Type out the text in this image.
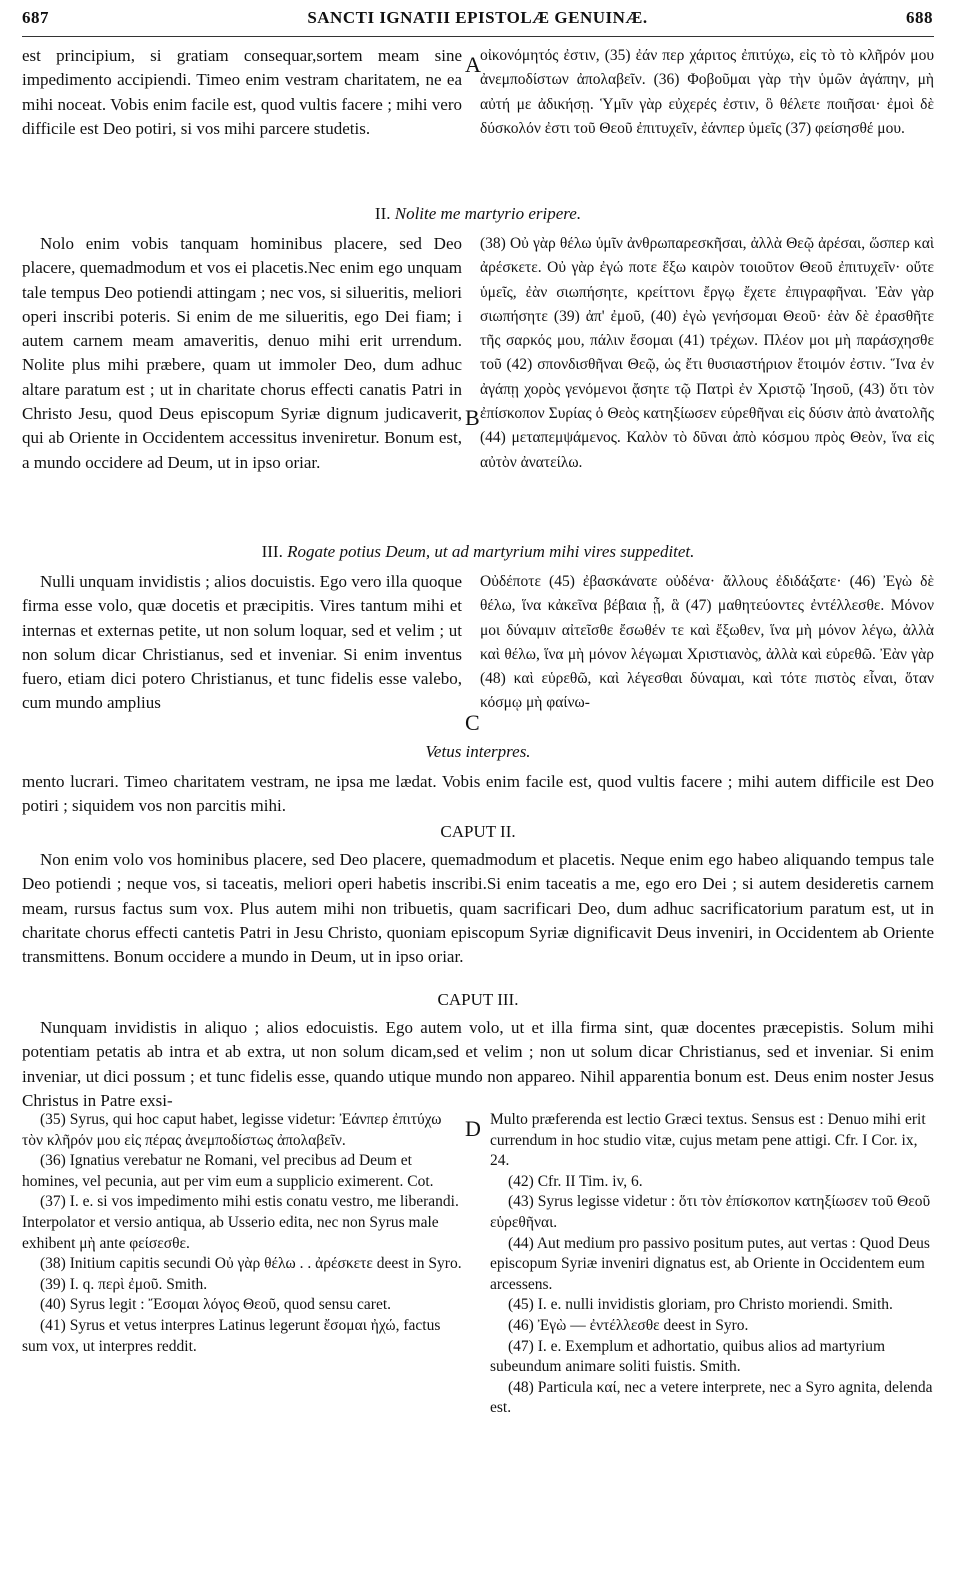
687	SANCTI IGNATII EPISTOLÆ GENUINÆ.	688
est principium, si gratiam consequar,sortem meam sine impedimento accipiendi. Timeo enim vestram charitatem, ne ea mihi noceat. Vobis enim facile est, quod vultis facere ; mihi vero difficile est Deo potiri, si vos mihi parcere studetis.
A οἰκονόμητός ἐστιν, (35) ἐάν περ χάριτος ἐπιτύχω, εἰς τὸ τὸ κλῆρόν μου ἀνεμποδίστων ἀπολαβεῖν. (36) Φοβοῦμαι γὰρ τὴν ὑμῶν ἀγάπην, μὴ αὐτή με ἀδικήσῃ. Ὑμῖν γὰρ εὐχερές ἐστιν, ὃ θέλετε ποιῆσαι· ἐμοὶ δὲ δύσκολόν ἐστι τοῦ Θεοῦ ἐπιτυχεῖν, ἐάνπερ ὑμεῖς (37) φείσησθέ μου.
II. Nolite me martyrio eripere.
Nolo enim vobis tanquam hominibus placere, sed Deo placere, quemadmodum et vos ei placetis.Nec enim ego unquam tale tempus Deo potiendi attingam ; nec vos, si silueritis, meliori operi inscribi poteris. Si enim de me silueritis, ego Dei fiam; i autem carnem meam amaveritis, denuo mihi erit urrendum. Nolite plus mihi præbere, quam ut immoler Deo, dum adhuc altare paratum est ; ut in charitate chorus effecti canatis Patri in Christo Jesu, quod Deus episcopum Syriæ dignum judicaverit, qui ab Oriente in Occidentem accessitus inveniretur. Bonum est, a mundo occidere ad Deum, ut in ipso oriar.
B
(38) Οὐ γὰρ θέλω ὑμῖν ἀνθρωπαρεσκῆσαι, ἀλλὰ Θεῷ ἀρέσαι, ὥσπερ καὶ ἀρέσκετε. Οὐ γὰρ ἐγώ ποτε ἕξω καιρὸν τοιοῦτον Θεοῦ ἐπιτυχεῖν· οὔτε ὑμεῖς, ἐὰν σιωπήσητε, κρείττονι ἔργῳ ἔχετε ἐπιγραφῆναι. Ἐὰν γὰρ σιωπήσητε (39) ἀπ' ἐμοῦ, (40) ἐγὼ γενήσομαι Θεοῦ· ἐὰν δὲ ἐρασθῆτε τῆς σαρκός μου, πάλιν ἔσομαι (41) τρέχων. Πλέον μοι μὴ παράσχησθε τοῦ (42) σπονδισθῆναι Θεῷ, ὡς ἔτι θυσιαστήριον ἕτοιμόν ἐστιν. Ἵνα ἐν ἀγάπῃ χορὸς γενόμενοι ᾄσητε τῷ Πατρὶ ἐν Χριστῷ Ἰησοῦ, (43) ὅτι τὸν ἐπίσκοπον Συρίας ὁ Θεὸς κατηξίωσεν εὑρεθῆναι εἰς δύσιν ἀπὸ ἀνατολῆς (44) μεταπεμψάμενος. Καλὸν τὸ δῦναι ἀπὸ κόσμου πρὸς Θεὸν, ἵνα εἰς αὐτὸν ἀνατείλω.
III. Rogate potius Deum, ut ad martyrium mihi vires suppeditet.
Nulli unquam invidistis ; alios docuistis. Ego vero illa quoque firma esse volo, quæ docetis et præcipitis. Vires tantum mihi et internas et externas petite, ut non solum loquar, sed et velim ; ut non solum dicar Christianus, sed et inveniar. Si enim inventus fuero, etiam dici potero Christianus, et tunc fidelis esse valebo, cum mundo amplius
C
Οὐδέποτε (45) ἐβασκάνατε οὐδένα· ἄλλους ἐδιδάξατε· (46) Ἐγὼ δὲ θέλω, ἵνα κἀκεῖνα βέβαια ᾖ, ἃ (47) μαθητεύοντες ἐντέλλεσθε. Μόνον μοι δύναμιν αἰτεῖσθε ἔσωθέν τε καὶ ἔξωθεν, ἵνα μὴ μόνον λέγω, ἀλλὰ καὶ θέλω, ἵνα μὴ μόνον λέγωμαι Χριστιανὸς, ἀλλὰ καὶ εὑρεθῶ. Ἐὰν γὰρ (48) καὶ εὑρεθῶ, καὶ λέγεσθαι δύναμαι, καὶ τότε πιστὸς εἶναι, ὅταν κόσμῳ μὴ φαίνω-
Vetus interpres.
mento lucrari. Timeo charitatem vestram, ne ipsa me lædat. Vobis enim facile est, quod vultis facere ; mihi autem difficile est Deo potiri ; siquidem vos non parcitis mihi.
CAPUT II.
Non enim volo vos hominibus placere, sed Deo placere, quemadmodum et placetis. Neque enim ego habeo aliquando tempus tale Deo potiendi ; neque vos, si taceatis, meliori operi habetis inscribi.Si enim taceatis a me, ego ero Dei ; si autem desideretis carnem meam, rursus factus sum vox. Plus autem mihi non tribuetis, quam sacrificari Deo, dum adhuc sacrificatorium paratum est, ut in charitate chorus effecti cantetis Patri in Jesu Christo, quoniam episcopum Syriæ dignificavit Deus inveniri, in Occidentem ab Oriente transmittens. Bonum occidere a mundo in Deum, ut in ipso oriar.
CAPUT III.
Nunquam invidistis in aliquo ; alios edocuistis. Ego autem volo, ut et illa firma sint, quæ docentes præcepistis. Solum mihi potentiam petatis ab intra et ab extra, ut non solum dicam,sed et velim ; non ut solum dicar Christianus, sed et inveniar. Si enim inveniar, ut dici possum ; et tunc fidelis esse, quando utique mundo non appareo. Nihil apparentia bonum est. Deus enim noster Jesus Christus in Patre exsi-

(35) Syrus, qui hoc caput habet, legisse videtur: Ἐάνπερ ἐπιτύχω τὸν κλῆρόν μου εἰς πέρας ἀνεμποδίστως ἀπολαβεῖν.

(36) Ignatius verebatur ne Romani, vel precibus ad Deum et homines, vel pecunia, aut per vim eum a supplicio eximerent. Cot.

(37) I. e. si vos impedimento mihi estis conatu vestro, me liberandi. Interpolator et versio antiqua, ab Usserio edita, nec non Syrus male exhibent μὴ ante φείσεσθε.

(38) Initium capitis secundi Οὐ γὰρ θέλω . . ἀρέσκετε deest in Syro.

(39) I. q. περὶ ἐμοῦ. Smith.

(40) Syrus legit : Ἔσομαι λόγος Θεοῦ, quod sensu caret.

(41) Syrus et vetus interpres Latinus legerunt ἔσομαι ἠχώ, factus sum vox, ut interpres reddit.

D Multo præferenda est lectio Græci textus. Sensus est : Denuo mihi erit currendum in hoc studio vitæ, cujus metam pene attigi. Cfr. I Cor. ix, 24.

(42) Cfr. II Tim. iv, 6.

(43) Syrus legisse videtur : ὅτι τὸν ἐπίσκοπον κατηξίωσεν τοῦ Θεοῦ εὑρεθῆναι.

(44) Aut medium pro passivo positum putes, aut vertas : Quod Deus episcopum Syriæ inveniri dignatus est, ab Oriente in Occidentem eum arcessens.

(45) I. e. nulli invidistis gloriam, pro Christo moriendi. Smith.

(46) Ἐγὼ — ἐντέλλεσθε deest in Syro.

(47) I. e. Exemplum et adhortatio, quibus alios ad martyrium subeundum animare soliti fuistis. Smith.

(48) Particula καί, nec a vetere interprete, nec a Syro agnita, delenda est.
